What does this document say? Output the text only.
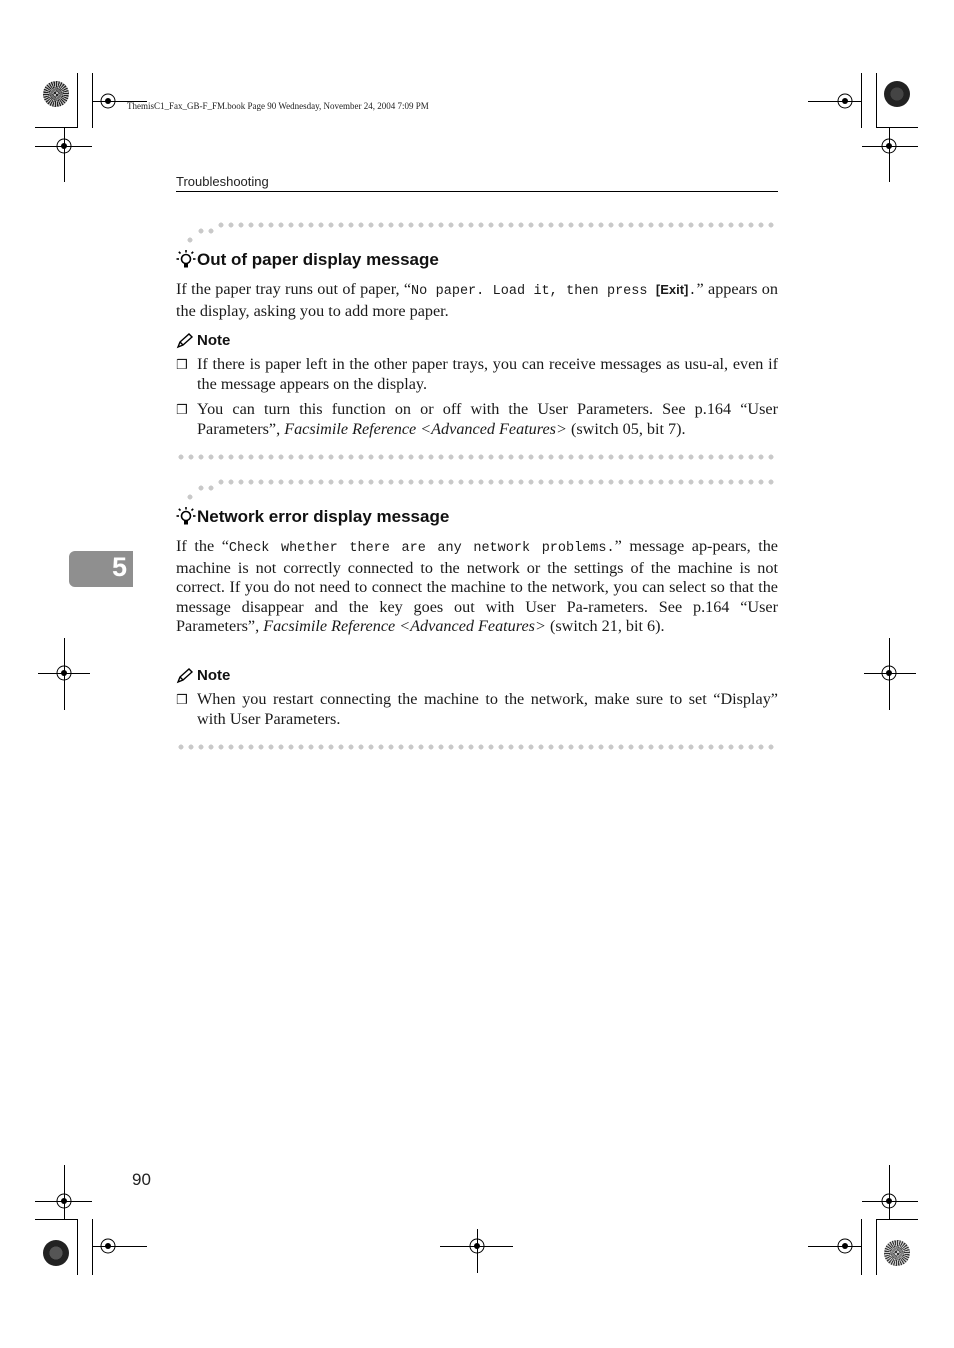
ThemisC1_Fax_GB-F_FM.book Page 90 Wednesday, November 24, 2004 7:09 PM
Troubleshooting
Out of paper display message
If the paper tray runs out of paper, “No paper. Load it, then press [Exit].” appears on the display, asking you to add more paper.
Note
❒ If there is paper left in the other paper trays, you can receive messages as usu-al, even if the message appears on the display.
❒ You can turn this function on or off with the User Parameters. See p.164 “User Parameters”, Facsimile Reference <Advanced Features> (switch 05, bit 7).
5
Network error display message
If the “Check whether there are any network problems.” message ap-pears, the machine is not correctly connected to the network or the settings of the machine is not correct. If you do not need to connect the machine to the network, you can select so that the message disappear and the key goes out with User Pa-rameters. See p.164 “User Parameters”, Facsimile Reference <Advanced Features> (switch 21, bit 6).
Note
❒ When you restart connecting the machine to the network, make sure to set “Display” with User Parameters.
90
